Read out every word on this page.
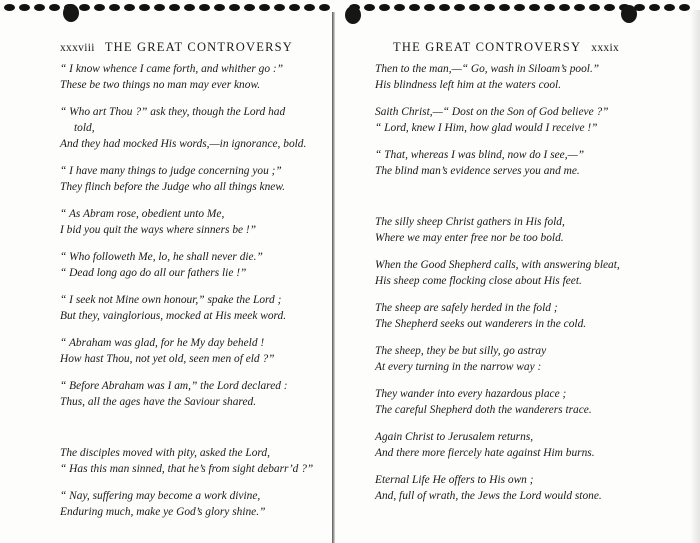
xxxviii THE GREAT CONTROVERSY
“ I know whence I came forth, and whither go :”
These be two things no man may ever know.
“ Who art Thou ?” ask they, though the Lord had
told,
And they had mocked His words,—in ignorance, bold.
“ I have many things to judge concerning you ;”
They flinch before the Judge who all things knew.
“ As Abram rose, obedient unto Me,
I bid you quit the ways where sinners be !”
“ Who followeth Me, lo, he shall never die.”
“ Dead long ago do all our fathers lie !”
“ I seek not Mine own honour,” spake the Lord ;
But they, vainglorious, mocked at His meek word.
“ Abraham was glad, for he My day beheld !
How hast Thou, not yet old, seen men of eld ?”
“ Before Abraham was I am,” the Lord declared :
Thus, all the ages have the Saviour shared.
The disciples moved with pity, asked the Lord,
“ Has this man sinned, that he’s from sight debarr’d ?”
“ Nay, suffering may become a work divine,
Enduring much, make ye God’s glory shine.”
THE GREAT CONTROVERSY xxxix
Then to the man,—“ Go, wash in Siloam’s pool.”
His blindness left him at the waters cool.
Saith Christ,—“ Dost on the Son of God believe ?”
“ Lord, knew I Him, how glad would I receive !”
“ That, whereas I was blind, now do I see,—”
The blind man’s evidence serves you and me.
The silly sheep Christ gathers in His fold,
Where we may enter free nor be too bold.
When the Good Shepherd calls, with answering bleat,
His sheep come flocking close about His feet.
The sheep are safely herded in the fold ;
The Shepherd seeks out wanderers in the cold.
The sheep, they be but silly, go astray
At every turning in the narrow way :
They wander into every hazardous place ;
The careful Shepherd doth the wanderers trace.
Again Christ to Jerusalem returns,
And there more fiercely hate against Him burns.
Eternal Life He offers to His own ;
And, full of wrath, the Jews the Lord would stone.
